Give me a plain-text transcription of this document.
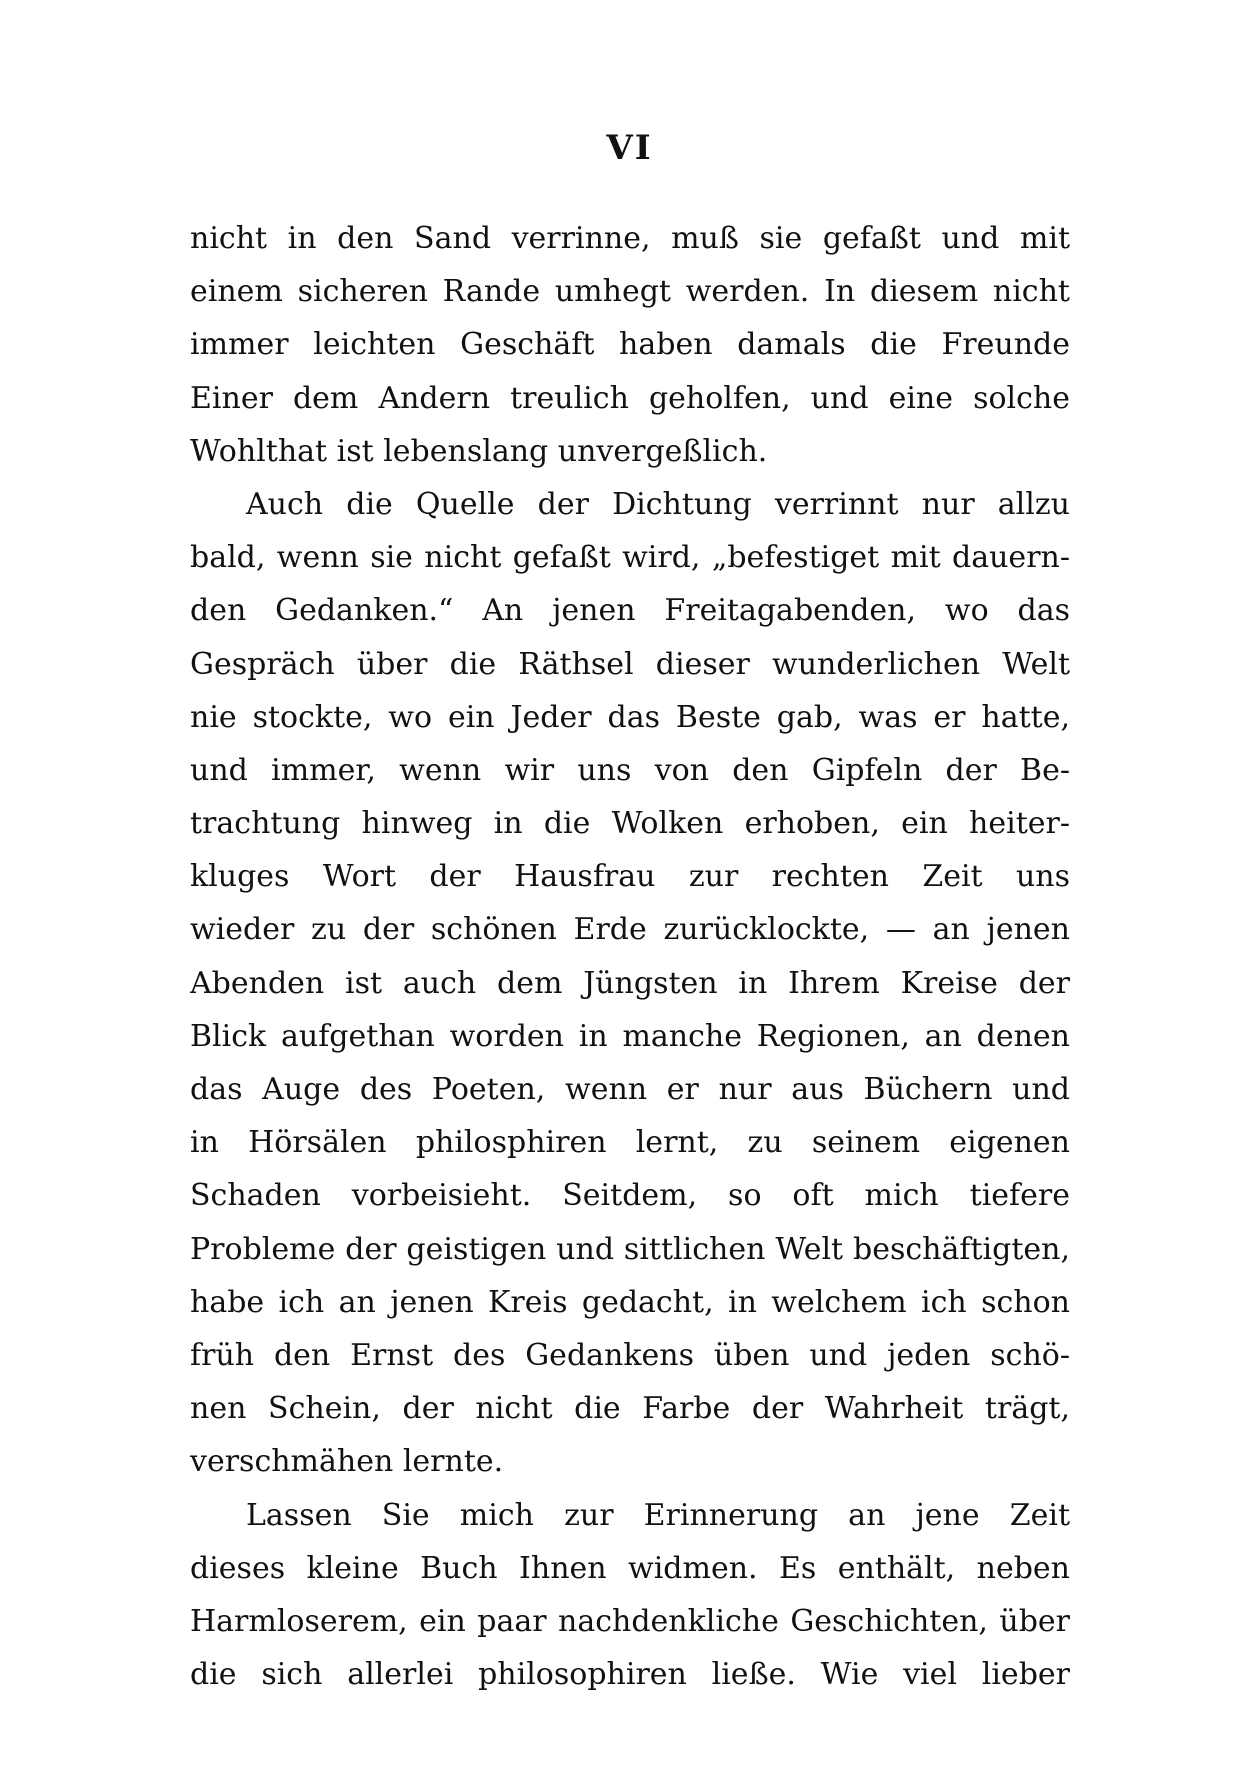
VI
nicht in den Sand verrinne, muß sie gefaßt und mit
einem sicheren Rande umhegt werden. In diesem nicht
immer leichten Geschäft haben damals die Freunde
Einer dem Andern treulich geholfen, und eine solche
Wohlthat ist lebenslang unvergeßlich.
Auch die Quelle der Dichtung verrinnt nur allzu
bald, wenn sie nicht gefaßt wird, „befestiget mit dauern-
den Gedanken.“ An jenen Freitagabenden, wo das
Gespräch über die Räthsel dieser wunderlichen Welt
nie stockte, wo ein Jeder das Beste gab, was er hatte,
und immer, wenn wir uns von den Gipfeln der Be-
trachtung hinweg in die Wolken erhoben, ein heiter-
kluges Wort der Hausfrau zur rechten Zeit uns
wieder zu der schönen Erde zurücklockte, — an jenen
Abenden ist auch dem Jüngsten in Ihrem Kreise der
Blick aufgethan worden in manche Regionen, an denen
das Auge des Poeten, wenn er nur aus Büchern und
in Hörsälen philosphiren lernt, zu seinem eigenen
Schaden vorbeisieht. Seitdem, so oft mich tiefere
Probleme der geistigen und sittlichen Welt beschäftigten,
habe ich an jenen Kreis gedacht, in welchem ich schon
früh den Ernst des Gedankens üben und jeden schö-
nen Schein, der nicht die Farbe der Wahrheit trägt,
verschmähen lernte.
Lassen Sie mich zur Erinnerung an jene Zeit
dieses kleine Buch Ihnen widmen. Es enthält, neben
Harmloserem, ein paar nachdenkliche Geschichten, über
die sich allerlei philosophiren ließe. Wie viel lieber
